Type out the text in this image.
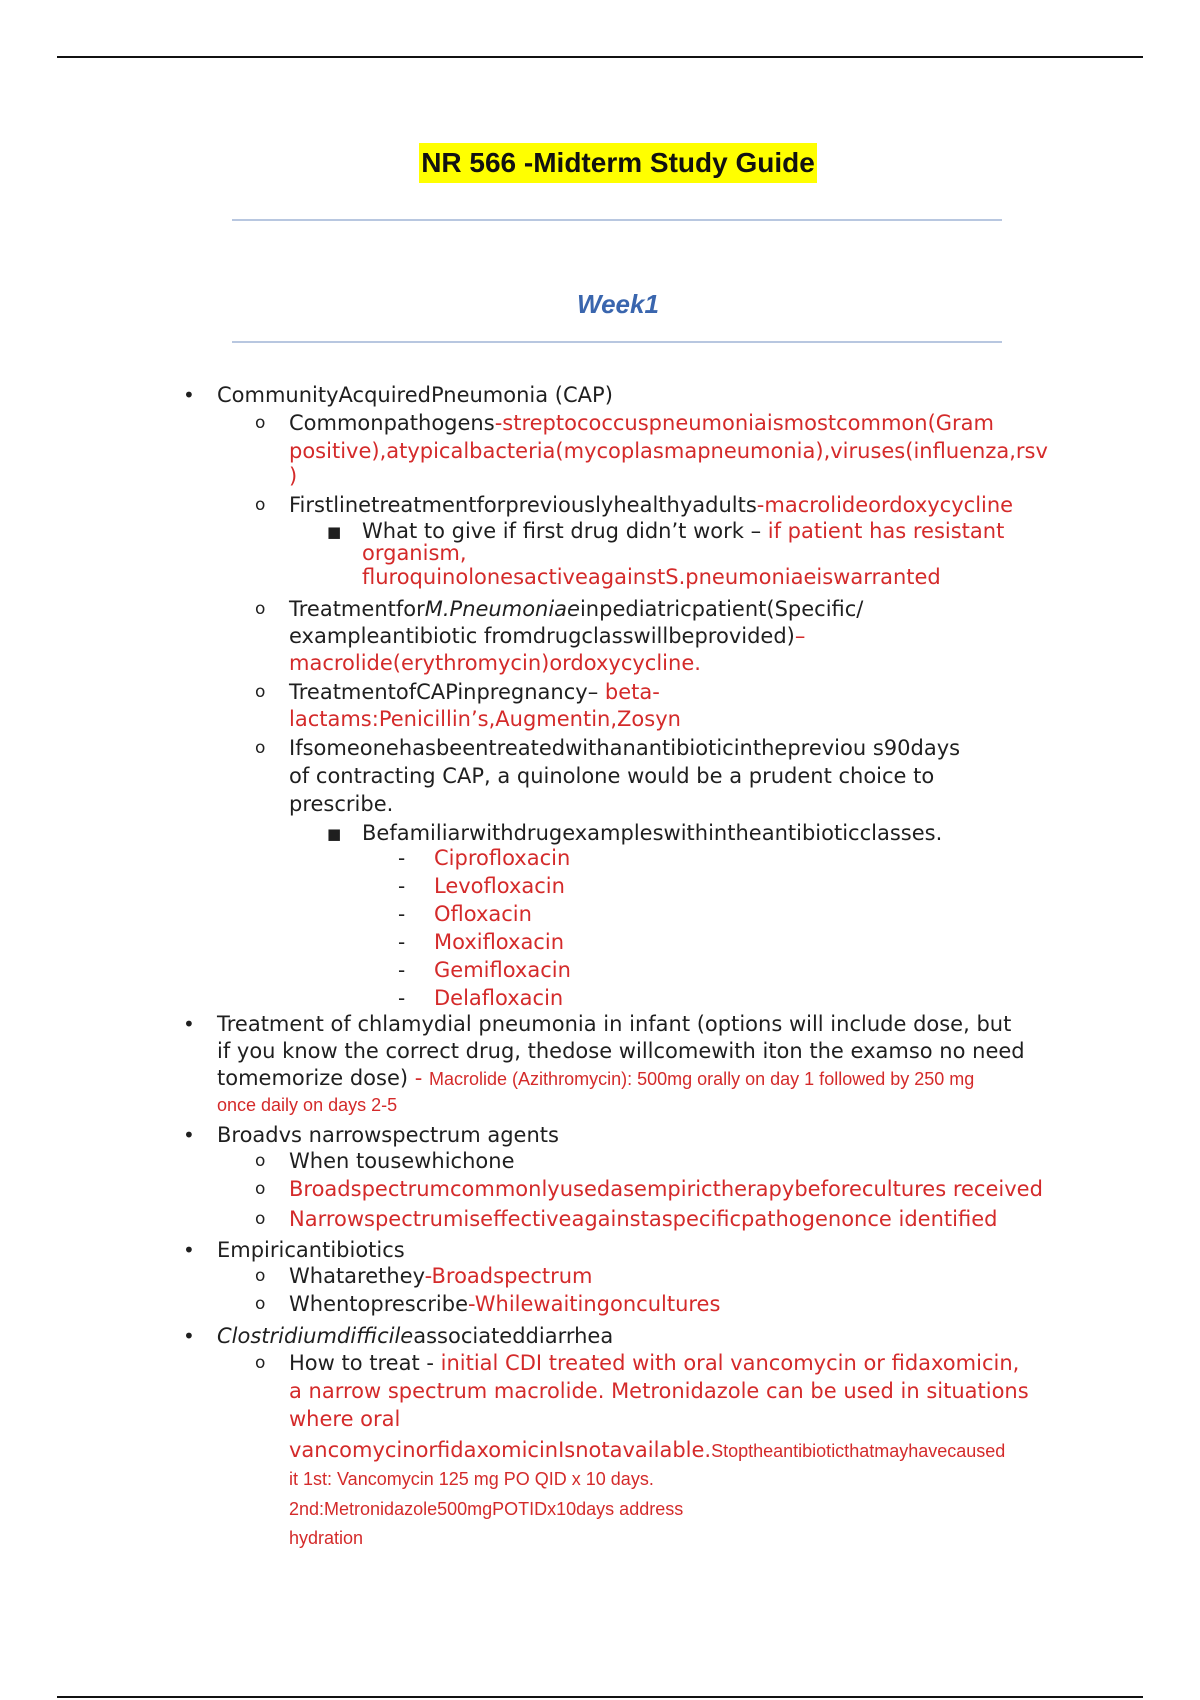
NR 566 -Midterm Study Guide
Week1
• CommunityAcquiredPneumonia (CAP)
o Commonpathogens-streptococcuspneumoniaismostcommon(Gram
positive),atypicalbacteria(mycoplasmapneumonia),viruses(influenza,rsv
)
o Firstlinetreatmentforpreviouslyhealthyadults-macrolideordoxycycline
■ What to give if first drug didn’t work – if patient has resistant
organism,
fluroquinolonesactiveagainstS.pneumoniaeiswarranted
o TreatmentforM.Pneumoniaeinpediatricpatient(Specific/
exampleantibiotic fromdrugclasswillbeprovided)–
macrolide(erythromycin)ordoxycycline.
o TreatmentofCAPinpregnancy– beta-
lactams:Penicillin’s,Augmentin,Zosyn
o Ifsomeonehasbeentreatedwithanantibioticinthepreviou s90days
of contracting CAP, a quinolone would be a prudent choice to
prescribe.
■ Befamiliarwithdrugexampleswithintheantibioticclasses.
- Ciprofloxacin
- Levofloxacin
- Ofloxacin
- Moxifloxacin
- Gemifloxacin
- Delafloxacin
• Treatment of chlamydial pneumonia in infant (options will include dose, but
if you know the correct drug, thedose willcomewith iton the examso no need
tomemorize dose) - Macrolide (Azithromycin): 500mg orally on day 1 followed by 250 mg
once daily on days 2-5
• Broadvs narrowspectrum agents
o When tousewhichone
o Broadspectrumcommonlyusedasempirictherapybeforecultures received
o Narrowspectrumiseffectiveagainstaspecificpathogenonce identified
• Empiricantibiotics
o Whatarethey-Broadspectrum
o Whentoprescribe-Whilewaitingoncultures
• Clostridiumdifficileassociateddiarrhea
o How to treat - initial CDI treated with oral vancomycin or fidaxomicin,
a narrow spectrum macrolide. Metronidazole can be used in situations
where oral
vancomycinorfidaxomicinIsnotavailable.Stoptheantibioticthatmayhavecaused
it 1st: Vancomycin 125 mg PO QID x 10 days.
2nd:Metronidazole500mgPOTIDx10days address
hydration
